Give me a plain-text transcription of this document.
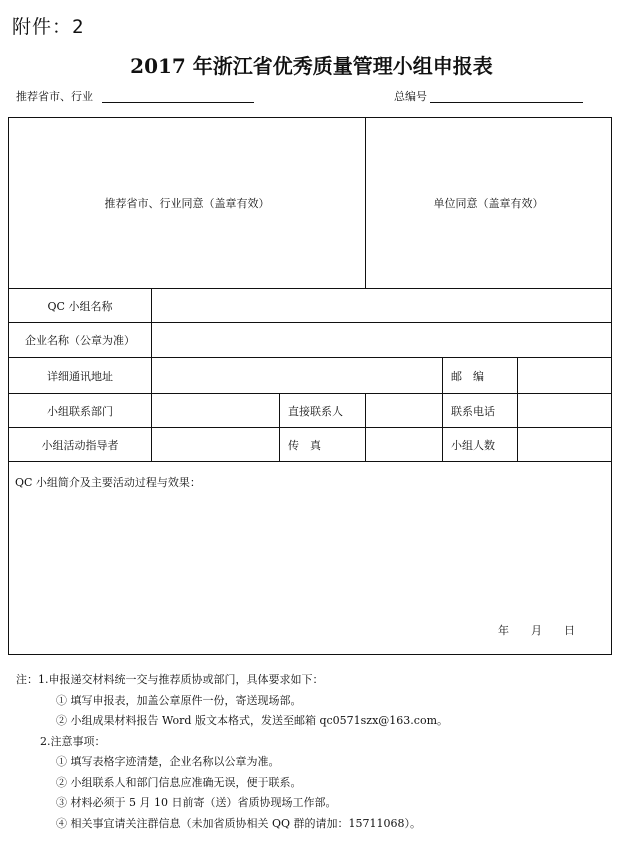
附件：2
2017 年浙江省优秀质量管理小组申报表
推荐省市、行业	总编号
推荐省市、行业同意（盖章有效）			单位同意（盖章有效）		
QC 小组名称					
企业名称（公章为准）					
详细通讯地址				邮　编	
小组联系部门		直接联系人		联系电话	
小组活动指导者		传　真		小组人数	

QC 小组简介及主要活动过程与效果：
年 月 日					
注：1.申报递交材料统一交与推荐质协或部门，具体要求如下：
① 填写申报表，加盖公章原件一份，寄送现场部。
② 小组成果材料报告 Word 版文本格式，发送至邮箱 qc0571szx@163.com。
2.注意事项：
① 填写表格字迹清楚，企业名称以公章为准。
② 小组联系人和部门信息应准确无误，便于联系。
③ 材料必须于 5 月 10 日前寄（送）省质协现场工作部。
④ 相关事宜请关注群信息（未加省质协相关 QQ 群的请加：15711068）。
